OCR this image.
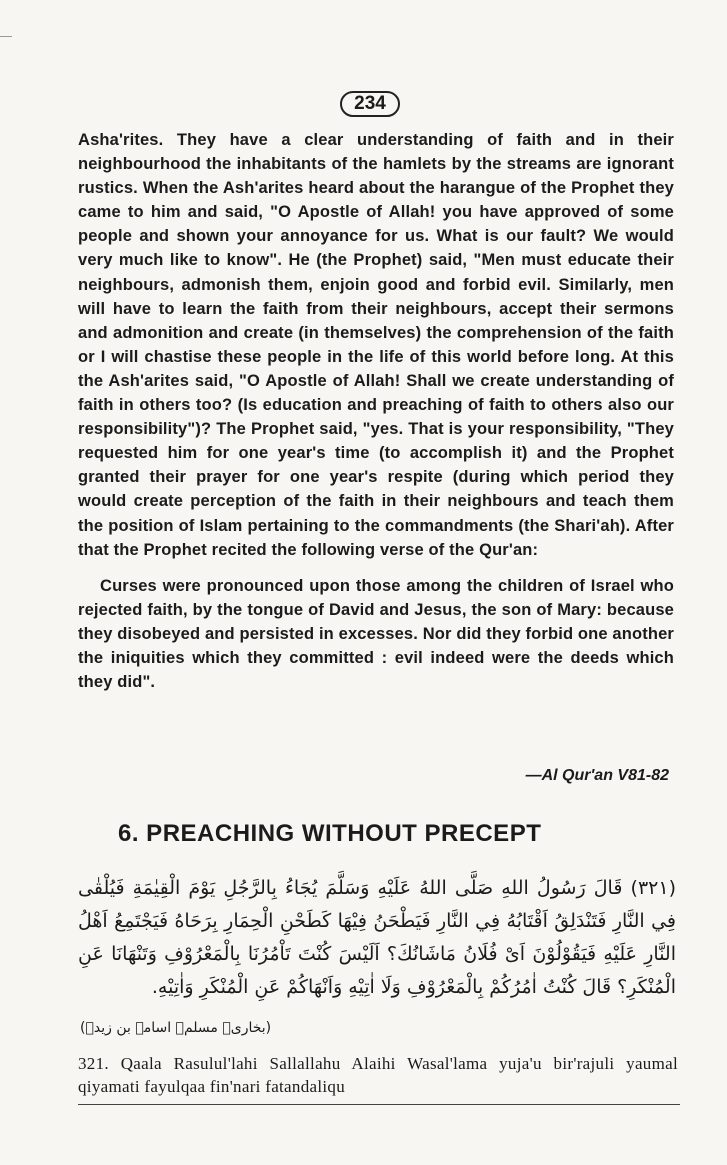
234

Asha'rites. They have a clear understanding of faith and in their neighbourhood the inhabitants of the hamlets by the streams are ignorant rustics. When the Ash'arites heard about the harangue of the Prophet they came to him and said, "O Apostle of Allah! you have approved of some people and shown your annoyance for us. What is our fault? We would very much like to know". He (the Prophet) said, "Men must educate their neighbours, admonish them, enjoin good and forbid evil. Similarly, men will have to learn the faith from their neighbours, accept their sermons and admonition and create (in themselves) the comprehension of the faith or I will chastise these people in the life of this world before long. At this the Ash'arites said, "O Apostle of Allah! Shall we create understanding of faith in others too? (Is education and preaching of faith to others also our responsibility")? The Prophet said, "yes. That is your responsibility, "They requested him for one year's time (to accomplish it) and the Prophet granted their prayer for one year's respite (during which period they would create perception of the faith in their neighbours and teach them the position of Islam pertaining to the commandments (the Shari'ah). After that the Prophet recited the following verse of the Qur'an:

Curses were pronounced upon those among the children of Israel who rejected faith, by the tongue of David and Jesus, the son of Mary: because they disobeyed and persisted in excesses. Nor did they forbid one another the iniquities which they committed : evil indeed were the deeds which they did".

—Al Qur'an V81-82
6. PREACHING WITHOUT PRECEPT
(٣٢١) قَالَ رَسُولُ اللهِ صَلَّى اللهُ عَلَيْهِ وَسَلَّمَ يُجَاءُ بِالرَّجُلِ يَوْمَ الْقِيٰمَةِ فَيُلْقٰى فِي النَّارِ فَتَنْدَلِقُ اَقْتَابُهُ فِي النَّارِ فَيَطْحَنُ فِيْهَا كَطَحْنِ الْحِمَارِ بِرَحَاهُ فَيَجْتَمِعُ اَهْلُ النَّارِ عَلَيْهِ فَيَقُوْلُوْنَ اَىْ فُلَانُ مَاشَانُكَ؟ اَلَيْسَ كُنْتَ تَاْمُرُنَا بِالْمَعْرُوْفِ وَتَنْهَانَا عَنِ الْمُنْكَرِ؟ قَالَ كُنْتُ اٰمُرُكُمْ بِالْمَعْرُوْفِ وَلَا اٰتِيْهِ وَاَنْهَاكُمْ عَنِ الْمُنْكَرِ وَاٰتِيْهِ.
(بخاری۔ مسلم۔ اسامہ بن زیدؓ)
321. Qaala Rasulul'lahi Sallallahu Alaihi Wasal'lama yuja'u bir'rajuli yaumal qiyamati fayulqaa fin'nari fatandaliqu
